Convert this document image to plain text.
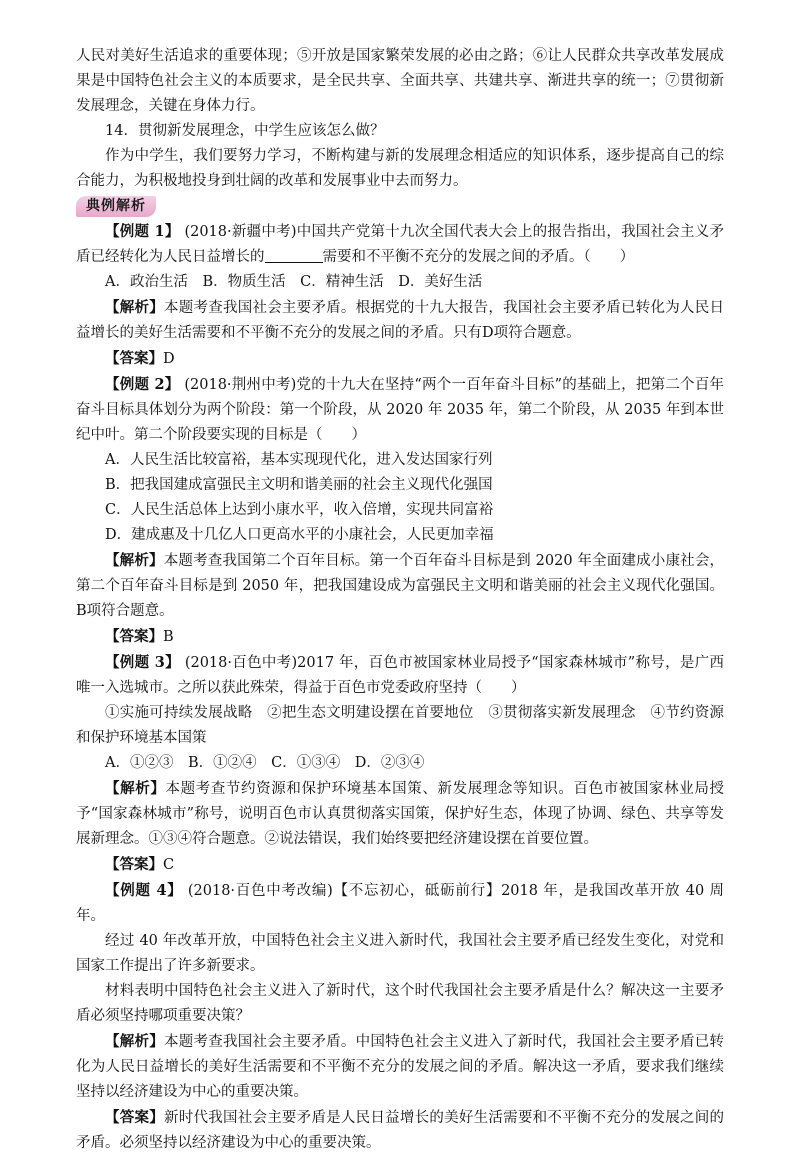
人民对美好生活追求的重要体现；⑤开放是国家繁荣发展的必由之路；⑥让人民群众共享改革发展成果是中国特色社会主义的本质要求，是全民共享、全面共享、共建共享、渐进共享的统一；⑦贯彻新发展理念，关键在身体力行。

14．贯彻新发展理念，中学生应该怎么做？

作为中学生，我们要努力学习，不断构建与新的发展理念相适应的知识体系，逐步提高自己的综合能力，为积极地投身到壮阔的改革和发展事业中去而努力。

典例解析

【例题 1】 (2018·新疆中考)中国共产党第十九次全国代表大会上的报告指出，我国社会主义矛盾已经转化为人民日益增长的	需要和不平衡不充分的发展之间的矛盾。（　　）

A．政治生活　B．物质生活　C．精神生活　D．美好生活

【解析】本题考查我国社会主要矛盾。根据党的十九大报告，我国社会主要矛盾已转化为人民日益增长的美好生活需要和不平衡不充分的发展之间的矛盾。只有D项符合题意。

【答案】D

【例题 2】 (2018·荆州中考)党的十九大在坚持“两个一百年奋斗目标”的基础上，把第二个百年奋斗目标具体划分为两个阶段：第一个阶段，从 2020 年 2035 年，第二个阶段，从 2035 年到本世纪中叶。第二个阶段要实现的目标是（　　）

A．人民生活比较富裕，基本实现现代化，进入发达国家行列

B．把我国建成富强民主文明和谐美丽的社会主义现代化强国

C．人民生活总体上达到小康水平，收入倍增，实现共同富裕

D．建成惠及十几亿人口更高水平的小康社会，人民更加幸福

【解析】本题考查我国第二个百年目标。第一个百年奋斗目标是到 2020 年全面建成小康社会，第二个百年奋斗目标是到 2050 年，把我国建设成为富强民主文明和谐美丽的社会主义现代化强国。B项符合题意。

【答案】B

【例题 3】 (2018·百色中考)2017 年，百色市被国家林业局授予“国家森林城市”称号，是广西唯一入选城市。之所以获此殊荣，得益于百色市党委政府坚持（　　）

①实施可持续发展战略　②把生态文明建设摆在首要地位　③贯彻落实新发展理念　④节约资源和保护环境基本国策

A．①②③　B．①②④　C．①③④　D．②③④

【解析】本题考查节约资源和保护环境基本国策、新发展理念等知识。百色市被国家林业局授予“国家森林城市”称号，说明百色市认真贯彻落实国策，保护好生态，体现了协调、绿色、共享等发展新理念。①③④符合题意。②说法错误，我们始终要把经济建设摆在首要位置。

【答案】C

【例题 4】 (2018·百色中考改编)【不忘初心，砥砺前行】2018 年，是我国改革开放 40 周年。

经过 40 年改革开放，中国特色社会主义进入新时代，我国社会主要矛盾已经发生变化，对党和国家工作提出了许多新要求。

材料表明中国特色社会主义进入了新时代，这个时代我国社会主要矛盾是什么？解决这一主要矛盾必须坚持哪项重要决策？

【解析】本题考查我国社会主要矛盾。中国特色社会主义进入了新时代，我国社会主要矛盾已转化为人民日益增长的美好生活需要和不平衡不充分的发展之间的矛盾。解决这一矛盾，要求我们继续坚持以经济建设为中心的重要决策。

【答案】新时代我国社会主要矛盾是人民日益增长的美好生活需要和不平衡不充分的发展之间的矛盾。必须坚持以经济建设为中心的重要决策。
